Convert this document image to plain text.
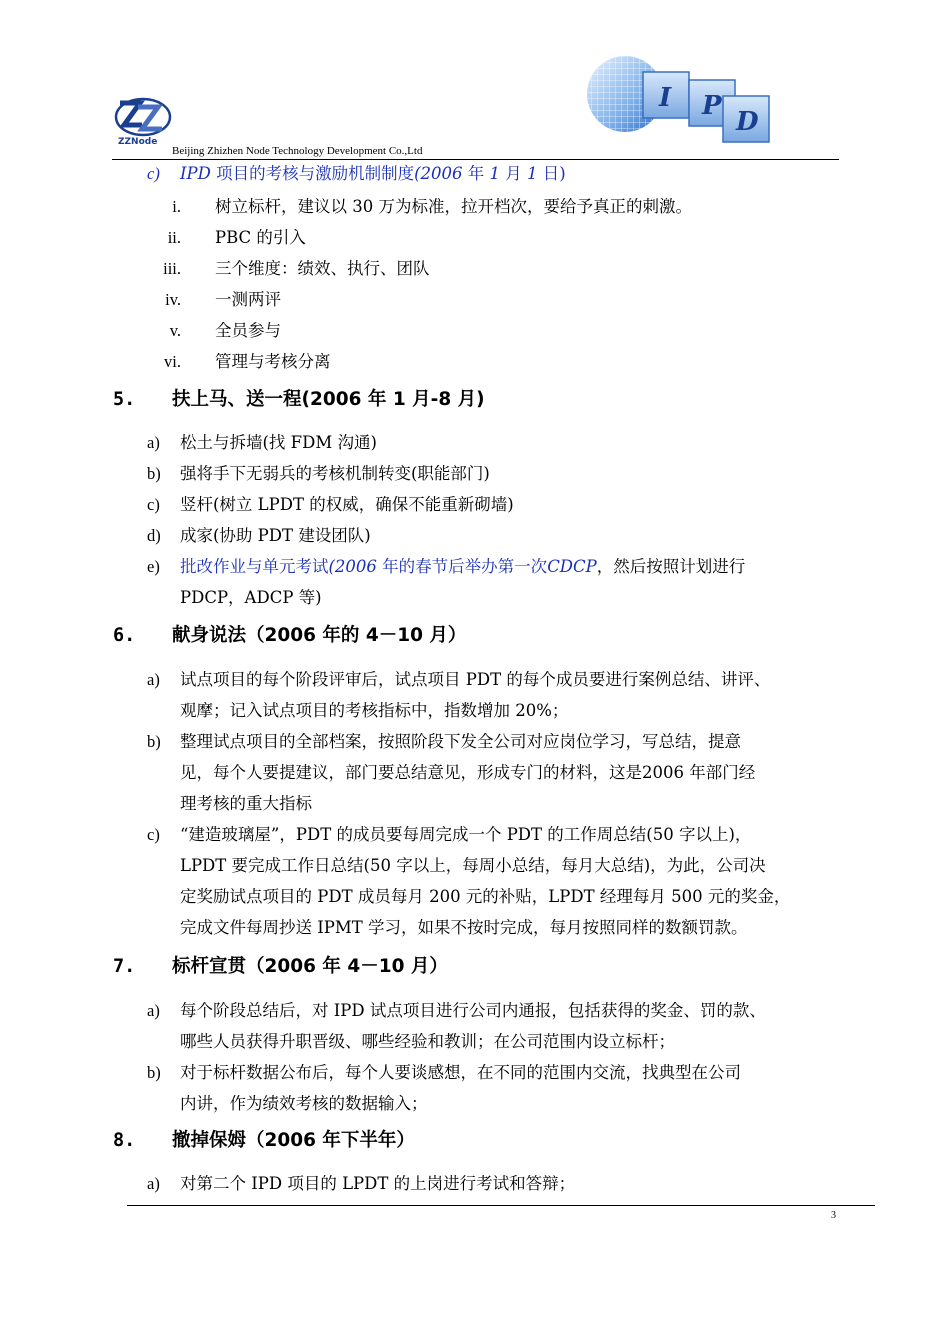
ZZNode
Beijing Zhizhen Node Technology Development Co.,Ltd
I P
D
c) IPD 项目的考核与激励机制制度(2006 年 1 月 1 日)
i. 树立标杆，建议以 30 万为标准，拉开档次，要给予真正的刺激。
ii. PBC 的引入
iii. 三个维度：绩效、执行、团队
iv. 一测两评
v. 全员参与
vi. 管理与考核分离
5. 扶上马、送一程(2006 年 1 月-8 月)
a) 松土与拆墙(找 FDM 沟通)
b) 强将手下无弱兵的考核机制转变(职能部门)
c) 竖杆(树立 LPDT 的权威，确保不能重新砌墙)
d) 成家(协助 PDT 建设团队)
e) 批改作业与单元考试(2006 年的春节后举办第一次CDCP，然后按照计划进行
PDCP，ADCP 等)
6. 献身说法（2006 年的 4－10 月）
a) 试点项目的每个阶段评审后，试点项目 PDT 的每个成员要进行案例总结、讲评、
观摩；记入试点项目的考核指标中，指数增加 20%；
b) 整理试点项目的全部档案，按照阶段下发全公司对应岗位学习，写总结，提意
见，每个人要提建议，部门要总结意见，形成专门的材料，这是2006 年部门经
理考核的重大指标
c) “建造玻璃屋”，PDT 的成员要每周完成一个 PDT 的工作周总结(50 字以上)，
LPDT 要完成工作日总结(50 字以上，每周小总结，每月大总结)，为此，公司决
定奖励试点项目的 PDT 成员每月 200 元的补贴，LPDT 经理每月 500 元的奖金，
完成文件每周抄送 IPMT 学习，如果不按时完成，每月按照同样的数额罚款。
7. 标杆宣贯（2006 年 4－10 月）
a) 每个阶段总结后，对 IPD 试点项目进行公司内通报，包括获得的奖金、罚的款、
哪些人员获得升职晋级、哪些经验和教训；在公司范围内设立标杆；
b) 对于标杆数据公布后，每个人要谈感想，在不同的范围内交流，找典型在公司
内讲，作为绩效考核的数据输入；
8. 撤掉保姆（2006 年下半年）
a) 对第二个 IPD 项目的 LPDT 的上岗进行考试和答辩；
3
